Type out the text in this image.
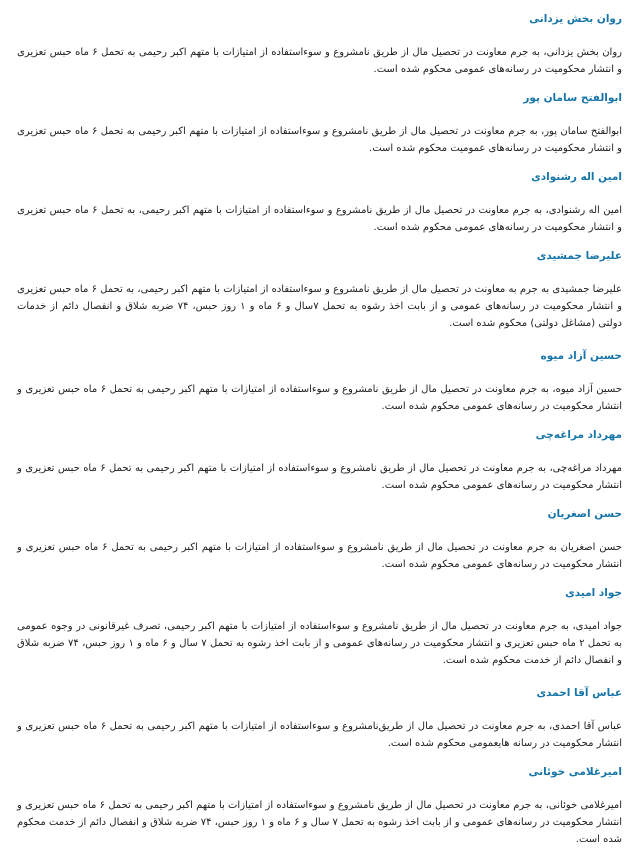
روان بخش یزدانی
روان بخش یزدانی، به جرم معاونت در تحصیل مال از طریق نامشروع و سوءاستفاده از امتیازات با متهم اکبر رحیمی به تحمل ۶ ماه حبس تعزیری و انتشار محکومیت در رسانه‌های عمومی محکوم شده است.
ابوالفتح سامان پور
ابوالفتح سامان پور، به جرم معاونت در تحصیل مال از طریق نامشروع و سوءاستفاده از امتیازات با متهم اکبر رحیمی به تحمل ۶ ماه حبس تعزیری و انتشار محکومیت در رسانه‌های عمومیت محکوم شده است.
امین اله رشنوادی
امین اله رشنوادی، به جرم معاونت در تحصیل مال از طریق نامشروع و سوءاستفاده از امتیازات با متهم اکبر رحیمی، به تحمل ۶ ماه حبس تعزیری و انتشار محکومیت در رسانه‌های عمومی محکوم شده است.
علیرضا جمشیدی
علیرضا جمشیدی به جرم به معاونت در تحصیل مال از طریق نامشروع و سوءاستفاده از امتیازات با متهم اکبر رحیمی، به تحمل ۶ ماه حبس تعزیری و انتشار محکومیت در رسانه‌های عمومی و از بابت اخذ رشوه به تحمل ۷سال و ۶ ماه و ۱ روز حبس، ۷۴ ضربه شلاق و انفصال دائم از خدمات دولتی (مشاغل دولتی) محکوم شده است.
حسین آزاد میوه
حسین آزاد میوه، به جرم معاونت در تحصیل مال از طریق نامشروع و سوءاستفاده از امتیازات با متهم اکبر رحیمی به تحمل ۶ ماه حبس تعزیری و انتشار محکومیت در رسانه‌های عمومی محکوم شده است.
مهرداد مراغه‌چی
مهرداد مراغه‌چی، به جرم معاونت در تحصیل مال از طریق نامشروع و سوءاستفاده از امتیازات با متهم اکبر رحیمی به تحمل ۶ ماه حبس تعزیری و انتشار محکومیت در رسانه‌های عمومی محکوم شده است.
حسن اصغریان
حسن اصغریان به جرم معاونت در تحصیل مال از طریق نامشروع و سوءاستفاده از امتیازات با متهم اکبر رحیمی به تحمل ۶ ماه حبس تعزیری و انتشار محکومیت در رسانه‌های عمومی محکوم شده است.
جواد امیدی
جواد امیدی، به جرم معاونت در تحصیل مال از طریق نامشروع و سوءاستفاده از امتیازات با متهم اکبر رحیمی، تصرف غیرقانونی در وجوه عمومی به تحمل ۲ ماه حبس تعزیری و انتشار محکومیت در رسانه‌های عمومی و از بابت اخذ رشوه به تحمل ۷ سال و ۶ ماه و ۱ روز حبس، ۷۴ ضربه شلاق و انفصال دائم از خدمت محکوم شده است.
عباس آقا احمدی
عباس آقا احمدی، به جرم معاونت در تحصیل مال از طریق‌نامشروع و سوءاستفاده از امتیازات با متهم اکبر رحیمی به تحمل ۶ ماه حبس تعزیری و انتشار محکومیت در رسانه هایعمومی محکوم شده است.
امیرغلامی خوئانی
امیرغلامی خوئانی، به جرم معاونت در تحصیل مال از طریق نامشروع و سوءاستفاده از امتیازات با متهم اکبر رحیمی به تحمل ۶ ماه حبس تعزیری و انتشار محکومیت در رسانه‌های عمومی و از بابت اخذ رشوه به تحمل ۷ سال و ۶ ماه و ۱ روز حبس، ۷۴ ضربه شلاق و انفصال دائم از خدمت محکوم شده است.
